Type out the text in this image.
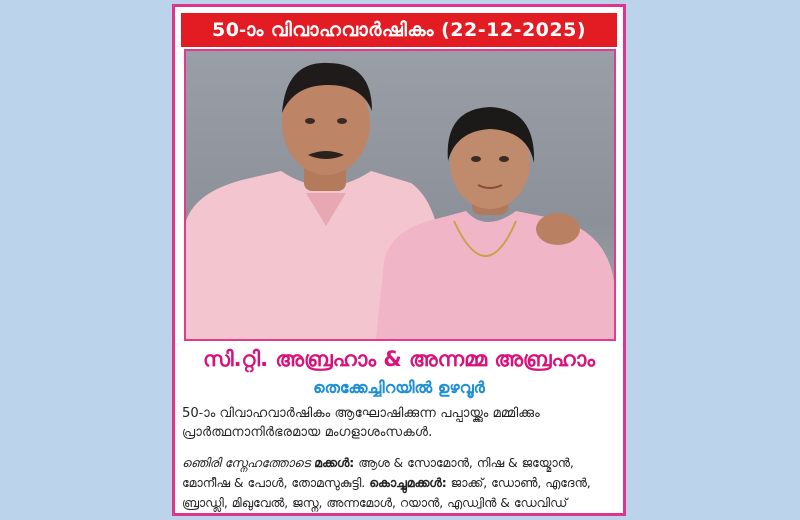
50-ാം വിവാഹവാർഷികം (22-12-2025)
സി.റ്റി. അബ്രഹാം & അന്നമ്മ അബ്രഹാം
തെക്കേച്ചിറയിൽ ഉഴവൂർ
50-ാം വിവാഹവാർഷികം ആഘോഷിക്കുന്ന പപ്പായ്ക്കും മമ്മിക്കും
പ്രാർത്ഥനാനിർഭരമായ മംഗളാശംസകൾ.
ഞെിരി സ്നേഹത്തോടെ മക്കൾ: ആശ & സോമോൻ, നിഷ & ജയ്മോൻ, മോനീഷ & പോൾ, തോമസുകുട്ടി. കൊച്ചുമക്കൾ: ജാക്ക്, ഡോൺ, എദേൻ, ബ്രാഡ്ലി, മിഖുവേൽ, ജസ്ന, അന്നമോൾ, റയാൻ, എഡ്വിൻ & ഡേവിഡ്
